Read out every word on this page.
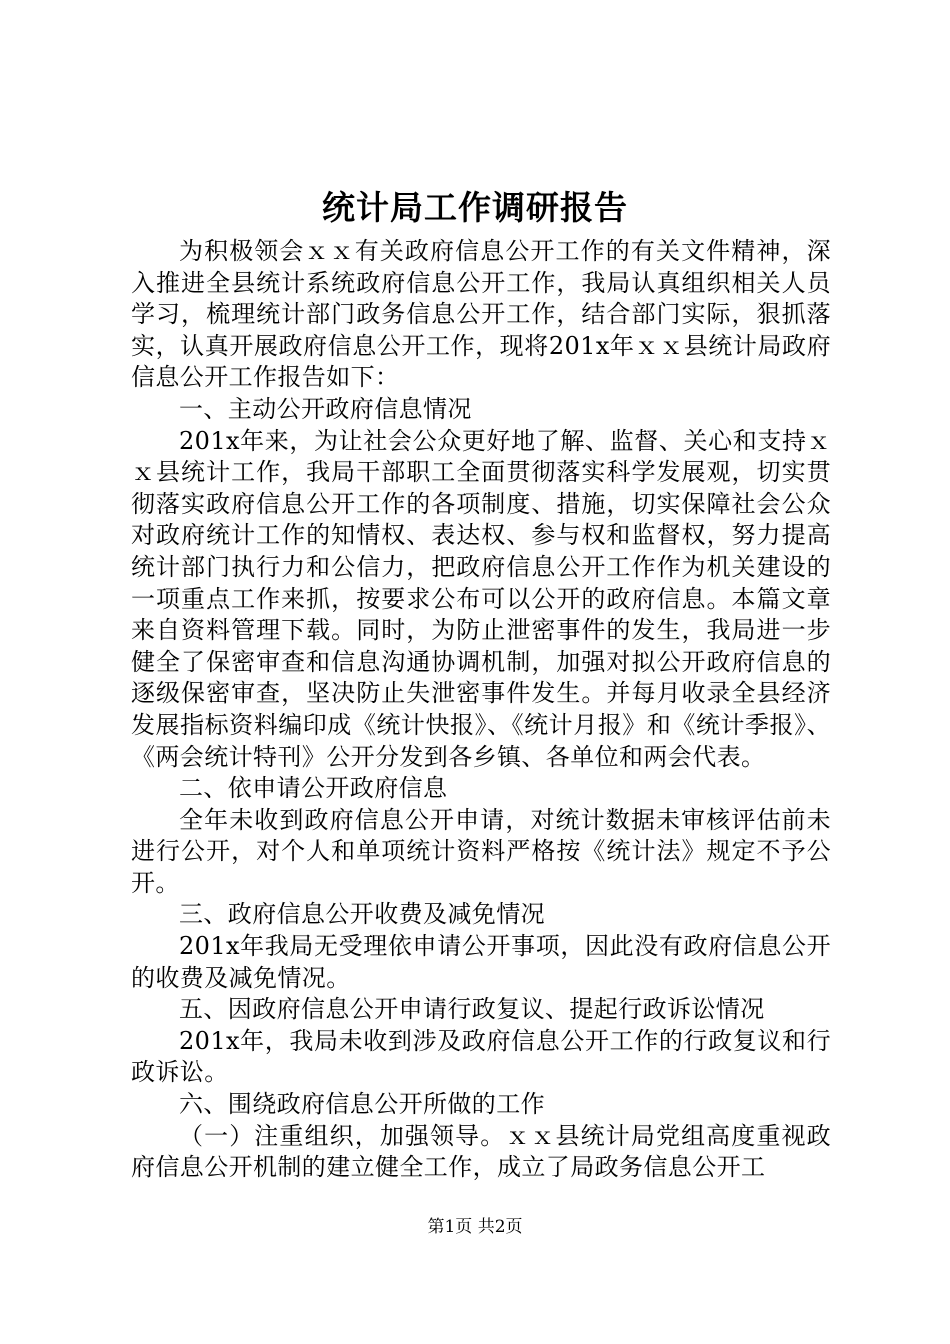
统计局工作调研报告

为积极领会ｘｘ有关政府信息公开工作的有关文件精神，深入推进全县统计系统政府信息公开工作，我局认真组织相关人员学习，梳理统计部门政务信息公开工作，结合部门实际，狠抓落实，认真开展政府信息公开工作，现将201x年ｘｘ县统计局政府信息公开工作报告如下：

一、主动公开政府信息情况

201x年来，为让社会公众更好地了解、监督、关心和支持ｘｘ县统计工作，我局干部职工全面贯彻落实科学发展观，切实贯彻落实政府信息公开工作的各项制度、措施，切实保障社会公众对政府统计工作的知情权、表达权、参与权和监督权，努力提高统计部门执行力和公信力，把政府信息公开工作作为机关建设的一项重点工作来抓，按要求公布可以公开的政府信息。本篇文章来自资料管理下载。同时，为防止泄密事件的发生，我局进一步健全了保密审查和信息沟通协调机制，加强对拟公开政府信息的逐级保密审查，坚决防止失泄密事件发生。并每月收录全县经济发展指标资料编印成《统计快报》、《统计月报》和《统计季报》、《两会统计特刊》公开分发到各乡镇、各单位和两会代表。

二、依申请公开政府信息

全年未收到政府信息公开申请，对统计数据未审核评估前未进行公开，对个人和单项统计资料严格按《统计法》规定不予公开。

三、政府信息公开收费及减免情况

201x年我局无受理依申请公开事项，因此没有政府信息公开的收费及减免情况。

五、因政府信息公开申请行政复议、提起行政诉讼情况

201x年，我局未收到涉及政府信息公开工作的行政复议和行政诉讼。

六、围绕政府信息公开所做的工作

（一）注重组织，加强领导。ｘｘ县统计局党组高度重视政府信息公开机制的建立健全工作，成立了局政务信息公开工

第1页 共2页
